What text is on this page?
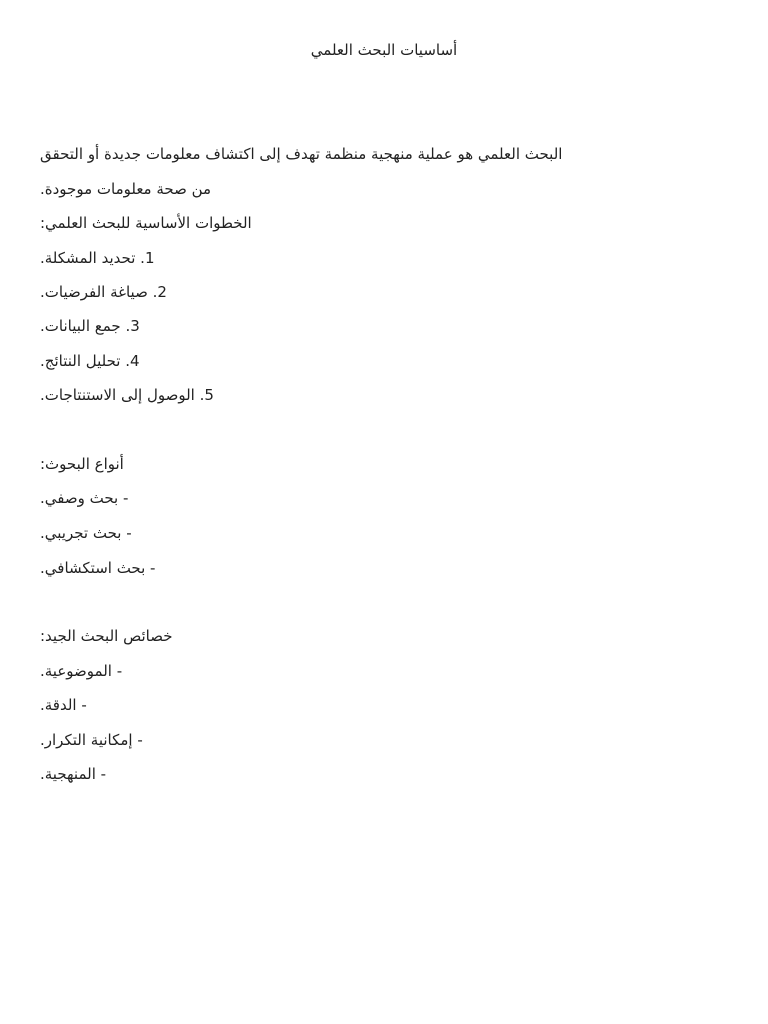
أساسيات البحث العلمي
البحث العلمي هو عملية منهجية منظمة تهدف إلى اكتشاف معلومات جديدة أو التحقق
من صحة معلومات موجودة.
الخطوات الأساسية للبحث العلمي:
1. تحديد المشكلة.
2. صياغة الفرضيات.
3. جمع البيانات.
4. تحليل النتائج.
5. الوصول إلى الاستنتاجات.
أنواع البحوث:
- بحث وصفي.
- بحث تجريبي.
- بحث استكشافي.
خصائص البحث الجيد:
- الموضوعية.
- الدقة.
- إمكانية التكرار.
- المنهجية.
